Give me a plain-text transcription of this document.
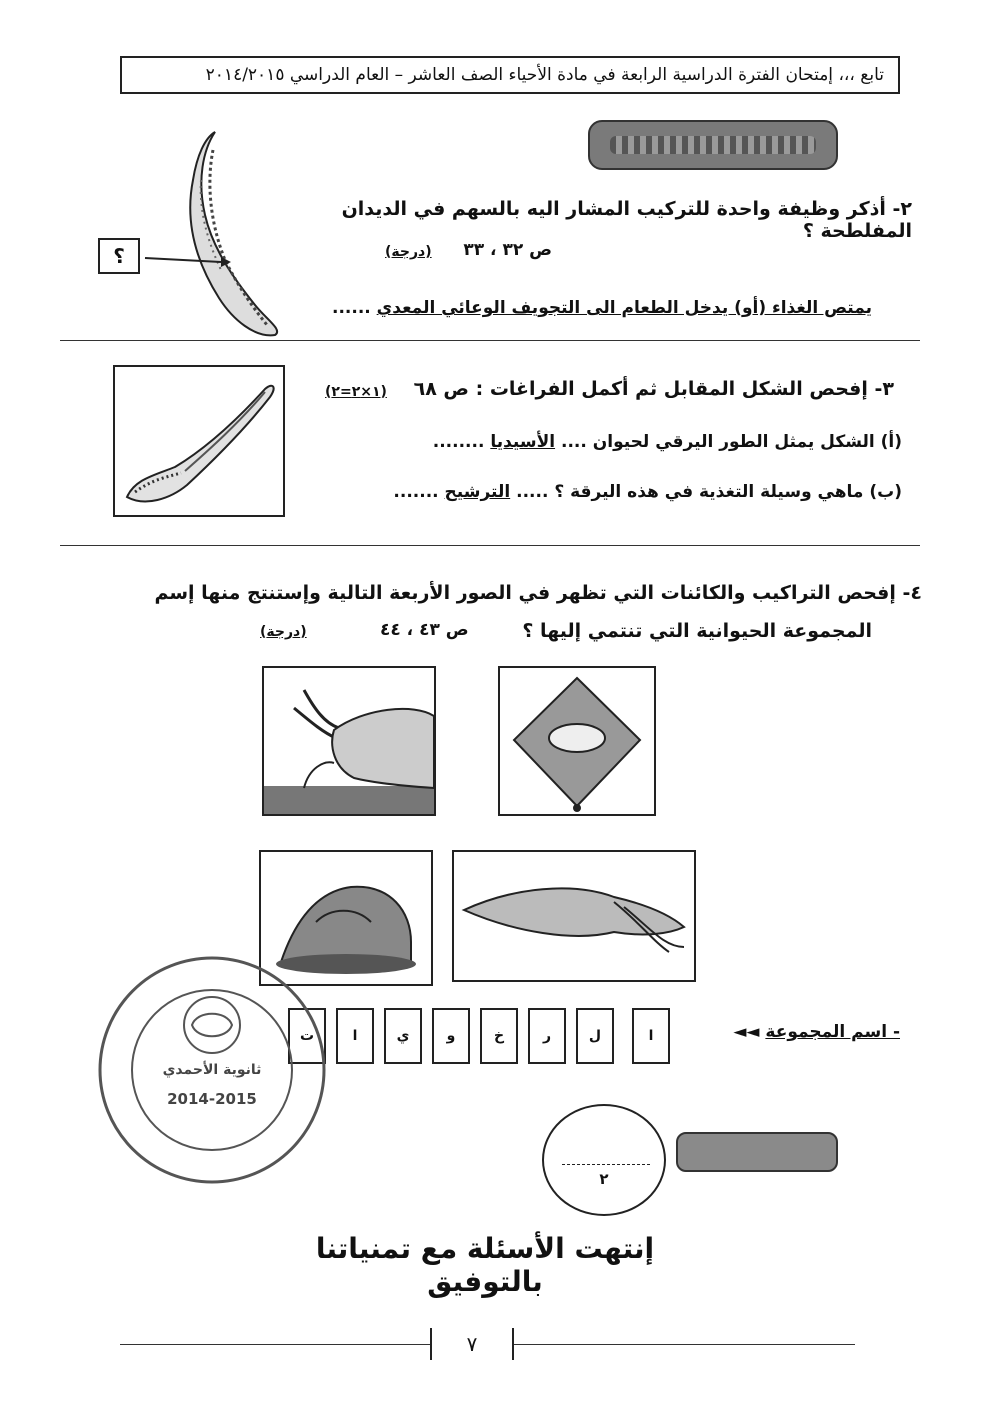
تابع ،،، إمتحان الفترة الدراسية الرابعة في مادة الأحياء الصف العاشر – العام الدراسي ٢٠١٤/٢٠١٥
؟
٢- أذكر وظيفة واحدة للتركيب المشار اليه بالسهم في الديدان المفلطحة ؟
ص ٣٢ ، ٣٣
(درجة)
يمتص الغذاء (أو) يدخل الطعام الى التجويف الوعائي المعدي ......
٣- إفحص الشكل المقابل ثم أكمل الفراغات : ص ٦٨
(١×٢=٢)
(أ) الشكل يمثل الطور اليرقي لحيوان .... الأسيديا ........
(ب) ماهي وسيلة التغذية في هذه اليرقة ؟ ..... الترشيح .......
٤- إفحص التراكيب والكائنات التي تظهر في الصور الأربعة التالية وإستنتج منها إسم
المجموعة الحيوانية التي تنتمي إليها ؟
ص ٤٣ ، ٤٤
(درجة)
- اسم المجموعة ◄◄
ا
ل
ر
خ
و
ي
ا
ت
ثانوية الأحمدي
2014-2015
٢
إنتهت الأسئلة مع تمنياتنا بالتوفيق
٧
